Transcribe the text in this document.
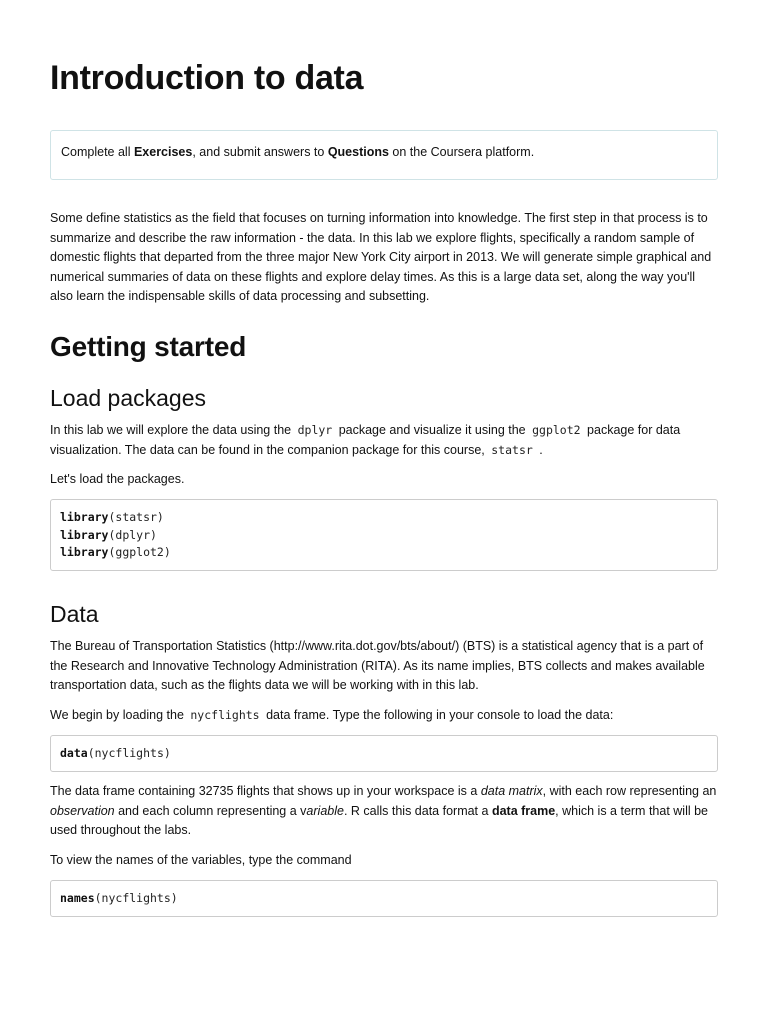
Introduction to data

Complete all Exercises, and submit answers to Questions on the Coursera platform.

Some define statistics as the field that focuses on turning information into knowledge. The first step in that process is to summarize and describe the raw information - the data. In this lab we explore flights, specifically a random sample of domestic flights that departed from the three major New York City airport in 2013. We will generate simple graphical and numerical summaries of data on these flights and explore delay times. As this is a large data set, along the way you'll also learn the indispensable skills of data processing and subsetting.

Getting started
Load packages

In this lab we will explore the data using the dplyr package and visualize it using the ggplot2 package for data visualization. The data can be found in the companion package for this course, statsr .

Let's load the packages.

library(statsr)
library(dplyr)
library(ggplot2)
Data

The Bureau of Transportation Statistics (http://www.rita.dot.gov/bts/about/) (BTS) is a statistical agency that is a part of the Research and Innovative Technology Administration (RITA). As its name implies, BTS collects and makes available transportation data, such as the flights data we will be working with in this lab.

We begin by loading the nycflights data frame. Type the following in your console to load the data:

data(nycflights)

The data frame containing 32735 flights that shows up in your workspace is a data matrix, with each row representing an observation and each column representing a variable. R calls this data format a data frame, which is a term that will be used throughout the labs.

To view the names of the variables, type the command

names(nycflights)
